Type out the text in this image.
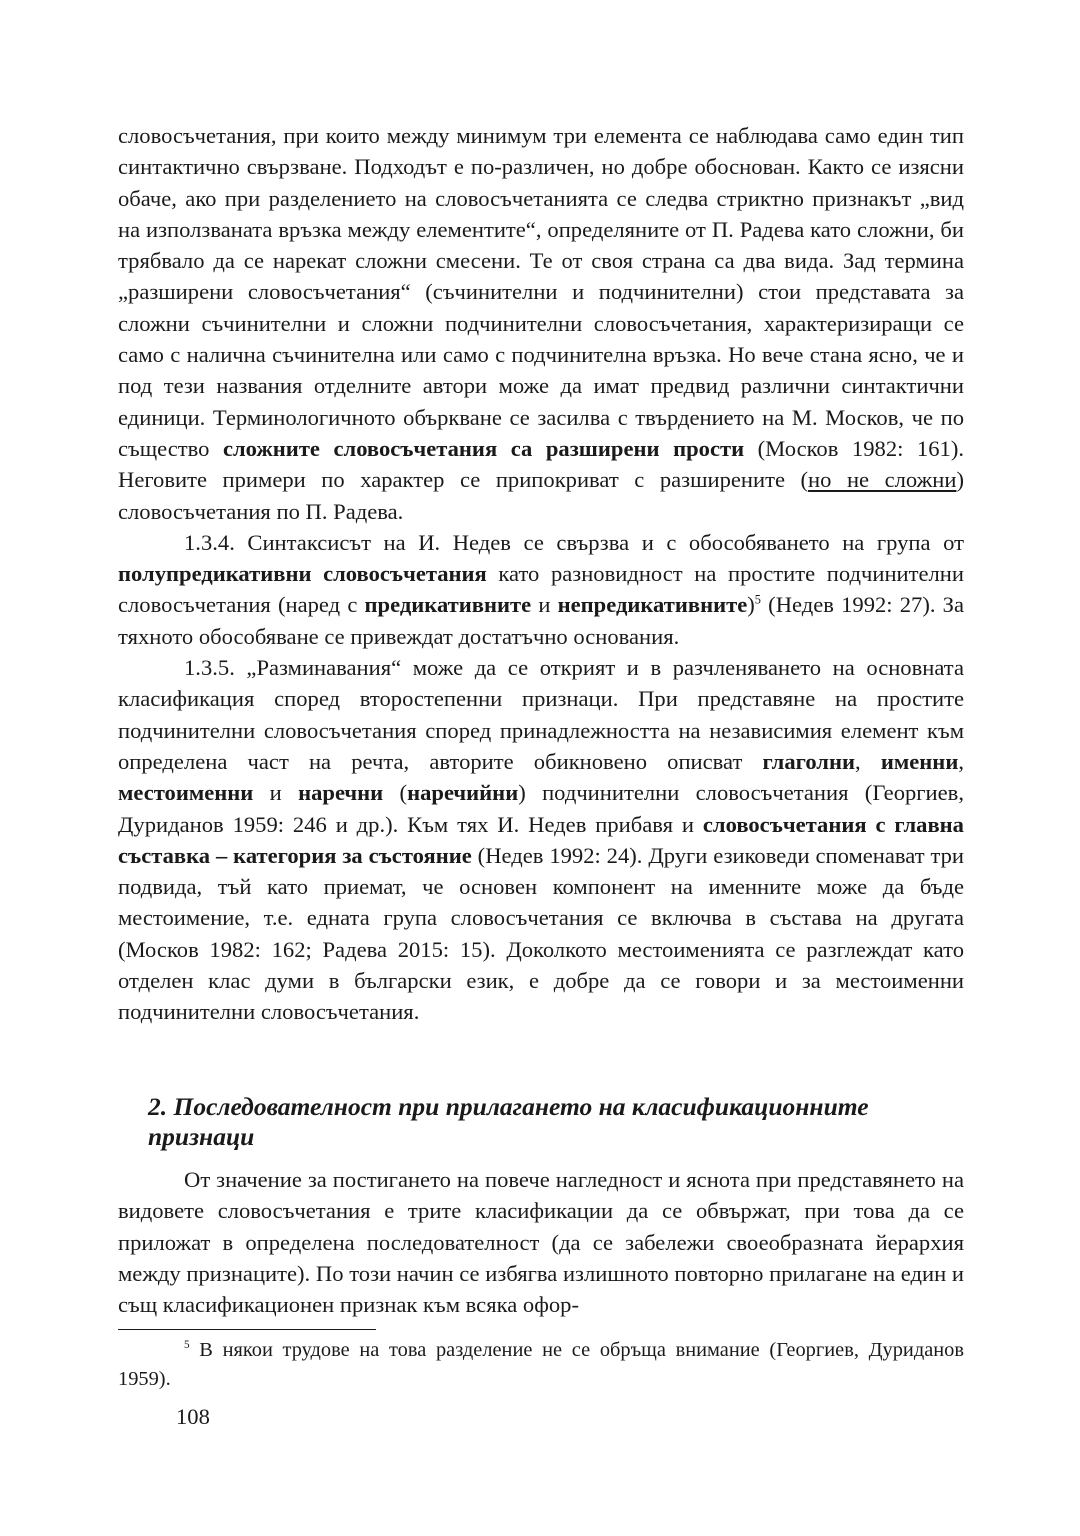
словосъчетания, при които между минимум три елемента се наблюдава само един тип синтактично свързване. Подходът е по-различен, но добре обоснован. Както се изясни обаче, ако при разделението на словосъчетанията се следва стриктно признакът „вид на използваната връзка между елементите“, определяните от П. Радева като сложни, би трябвало да се нарекат сложни смесени. Те от своя страна са два вида. Зад термина „разширени словосъчетания“ (съчинителни и подчинителни) стои представата за сложни съчинителни и сложни подчинителни словосъчетания, характеризиращи се само с налична съчинителна или само с подчинителна връзка. Но вече стана ясно, че и под тези названия отделните автори може да имат предвид различни синтактични единици. Терминологичното объркване се засилва с твърдението на М. Москов, че по същество сложните словосъчетания са разширени прости (Москов 1982: 161). Неговите примери по характер се припокриват с разширените (но не сложни) словосъчетания по П. Радева.

1.3.4. Синтаксисът на И. Недев се свързва и с обособяването на група от полупредикативни словосъчетания като разновидност на простите подчинителни словосъчетания (наред с предикативните и непредикативните)$^5$ (Недев 1992: 27). За тяхното обособяване се привеждат достатъчно основания.

1.3.5. „Разминавания“ може да се открият и в разчленяването на основната класификация според второстепенни признаци. При представяне на простите подчинителни словосъчетания според принадлежността на независимия елемент към определена част на речта, авторите обикновено описват глаголни, именни, местоименни и наречни (наречийни) подчинителни словосъчетания (Георгиев, Дуриданов 1959: 246 и др.). Към тях И. Недев прибавя и словосъчетания с главна съставка – категория за състояние (Недев 1992: 24). Други езиковеди споменават три подвида, тъй като приемат, че основен компонент на именните може да бъде местоимение, т.е. едната група словосъчетания се включва в състава на другата (Москов 1982: 162; Радева 2015: 15). Доколкото местоименията се разглеждат като отделен клас думи в български език, е добре да се говори и за местоименни подчинителни словосъчетания.

2. Последователност при прилагането на класификационните
признаци

От значение за постигането на повече нагледност и яснота при представянето на видовете словосъчетания е трите класификации да се обвържат, при това да се приложат в определена последователност (да се забележи своеобразната йерархия между признаците). По този начин се избягва излишното повторно прилагане на един и същ класификационен признак към всяка офор-

$^5$ В някои трудове на това разделение не се обръща внимание (Георгиев, Дуриданов 1959).

108
